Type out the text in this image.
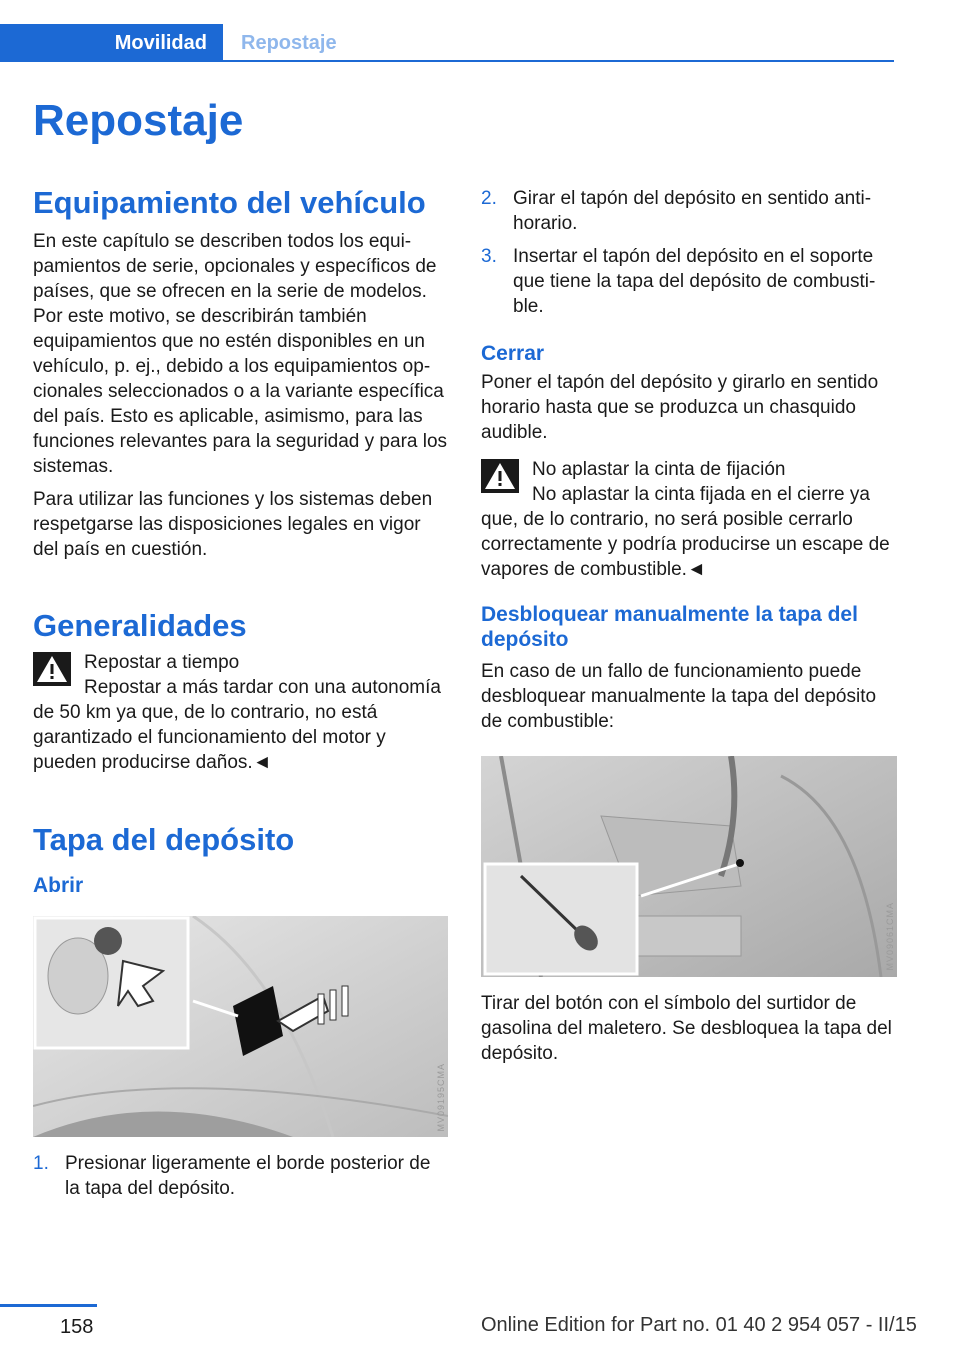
Movilidad	Repostaje
Repostaje
Equipamiento del vehículo

En este capítulo se describen todos los equipamientos de serie, opcionales y específicos de países, que se ofrecen en la serie de modelos. Por este motivo, se describirán también equipamientos que no estén disponibles en un vehículo, p. ej., debido a los equipamientos opcionales seleccionados o a la variante específica del país. Esto es aplicable, asimismo, para las funciones relevantes para la seguridad y para los sistemas.

Para utilizar las funciones y los sistemas deben respetgarse las disposiciones legales en vigor del país en cuestión.

Generalidades
Repostar a tiempo
Repostar a más tardar con una autonomía de 50 km ya que, de lo contrario, no está garantizado el funcionamiento del motor y pueden producirse daños.◄
Tapa del depósito
Abrir
MV09195CMA
1. Presionar ligeramente el borde posterior de la tapa del depósito.
2. Girar el tapón del depósito en sentido antihorario.
3. Insertar el tapón del depósito en el soporte que tiene la tapa del depósito de combustible.
Cerrar

Poner el tapón del depósito y girarlo en sentido horario hasta que se produzca un chasquido audible.

No aplastar la cinta de fijación
No aplastar la cinta fijada en el cierre ya que, de lo contrario, no será posible cerrarlo correctamente y podría producirse un escape de vapores de combustible.◄
Desbloquear manualmente la tapa del depósito

En caso de un fallo de funcionamiento puede desbloquear manualmente la tapa del depósito de combustible:

MV09061CMA

Tirar del botón con el símbolo del surtidor de gasolina del maletero. Se desbloquea la tapa del depósito.

158	Online Edition for Part no. 01 40 2 954 057 - II/15
